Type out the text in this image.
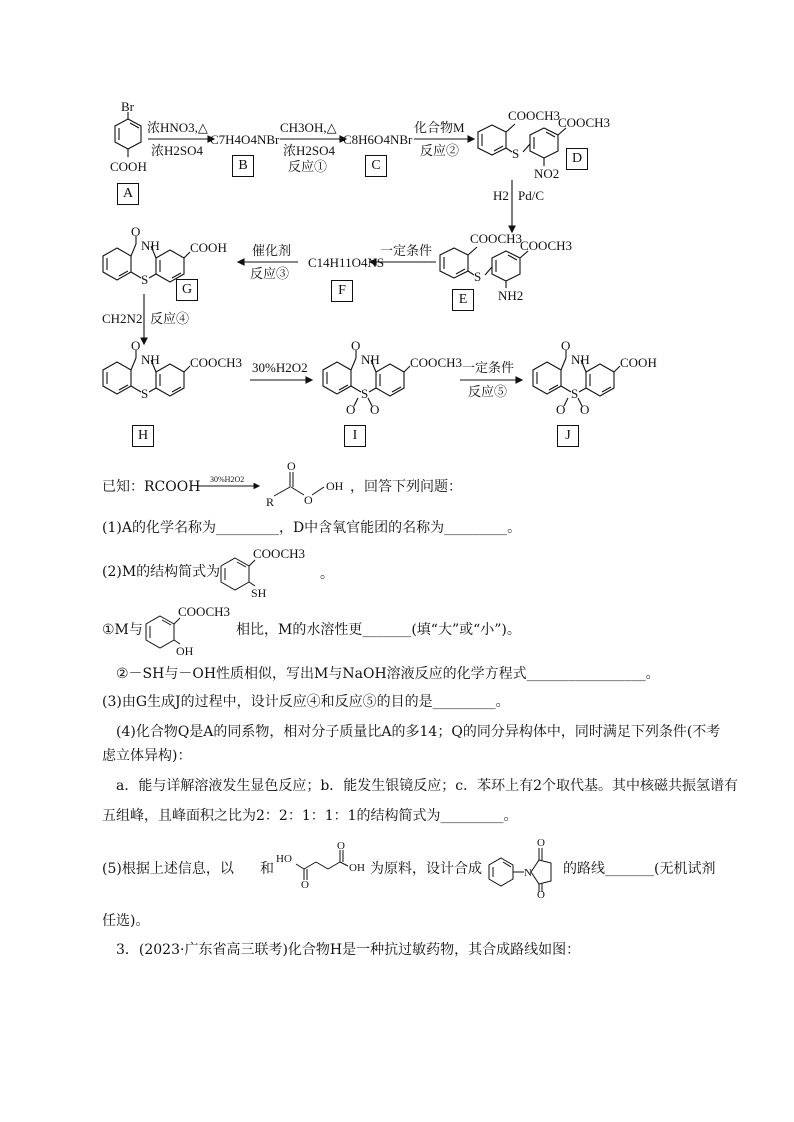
Br
COOH
浓HNO3,△
浓H2SO4
C7H4O4NBr
CH3OH,△
浓H2SO4
反应①
C8H6O4NBr
化合物M
反应②
COOCH3
COOCH3
NO2
S
H2 Pd/C
COOCH3
COOCH3
NH2
S
一定条件
C14H11O4NS
催化剂
反应③
O
NH COOH
S
CH2N2 反应④
O
NH COOCH3
S
30%H2O2
O
NH COOCH3
S
O O
一定条件
反应⑤
O
NH COOH
S
O O
A
B	C	D
E
F
G
H	I	J
已知：RCOOH 30%H2O2
R
O
O
OH ，回答下列问题：
(1)A的化学名称为_________，D中含氧官能团的名称为_________。
(2)M的结构简式为
COOCH3
SH
。
①M与
COOCH3
OH
相比，M的水溶性更_______(填“大”或“小”)。
②－SH与－OH性质相似，写出M与NaOH溶液反应的化学方程式_________________。
(3)由G生成J的过程中，设计反应④和反应⑤的目的是_________。
(4)化合物Q是A的同系物，相对分子质量比A的多14；Q的同分异构体中，同时满足下列条件(不考
虑立体异构)：
a．能与详解溶液发生显色反应；b．能发生银镜反应；c．苯环上有2个取代基。其中核磁共振氢谱有
五组峰，且峰面积之比为2：2：1：1：1的结构简式为_________。
(5)根据上述信息，以 和
HO
OH
O
O
为原料，设计合成	N
O
O
的路线_______(无机试剂
任选)。
3．(2023·广东省高三联考)化合物H是一种抗过敏药物，其合成路线如图：
